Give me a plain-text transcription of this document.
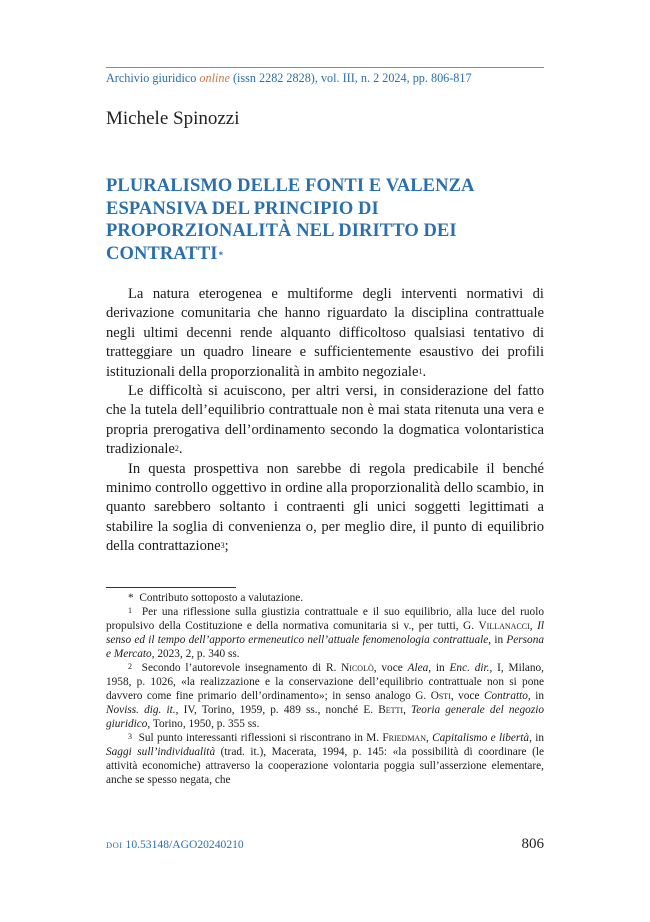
Archivio giuridico online (issn 2282 2828), vol. III, n. 2 2024, pp. 806-817
Michele Spinozzi
PLURALISMO DELLE FONTI E VALENZA
ESPANSIVA DEL PRINCIPIO DI
PROPORZIONALITÀ NEL DIRITTO DEI
CONTRATTI*

La natura eterogenea e multiforme degli interventi normativi di derivazione comunitaria che hanno riguardato la disciplina contrattuale negli ultimi decenni rende alquanto difficoltoso qualsiasi tentativo di tratteggiare un quadro lineare e sufficientemente esaustivo dei profili istituzionali della proporzionalità in ambito negoziale$^1$.

Le difficoltà si acuiscono, per altri versi, in considerazione del fatto che la tutela dell’equilibrio contrattuale non è mai stata ritenuta una vera e propria prerogativa dell’ordinamento secondo la dogmatica volontaristica tradizionale$^2$.

In questa prospettiva non sarebbe di regola predicabile il benché minimo controllo oggettivo in ordine alla proporzionalità dello scambio, in quanto sarebbero soltanto i contraenti gli unici soggetti legittimati a stabilire la soglia di convenienza o, per meglio dire, il punto di equilibrio della contrattazione$^3$;

* Contributo sottoposto a valutazione.

$^1$ Per una riflessione sulla giustizia contrattuale e il suo equilibrio, alla luce del ruolo propulsivo della Costituzione e della normativa comunitaria si v., per tutti, G. Villanacci, Il senso ed il tempo dell’apporto ermeneutico nell’attuale fenomenologia contrattuale, in Persona e Mercato, 2023, 2, p. 340 ss.

$^2$ Secondo l’autorevole insegnamento di R. Nicolò, voce Alea, in Enc. dir., I, Milano, 1958, p. 1026, «la realizzazione e la conservazione dell’equilibrio contrattuale non si pone davvero come fine primario dell’ordinamento»; in senso analogo G. Osti, voce Contratto, in Noviss. dig. it., IV, Torino, 1959, p. 489 ss., nonché E. Betti, Teoria generale del negozio giuridico, Torino, 1950, p. 355 ss.

$^3$ Sul punto interessanti riflessioni si riscontrano in M. Friedman, Capitalismo e libertà, in Saggi sull’individualità (trad. it.), Macerata, 1994, p. 145: «la possibilità di coordinare (le attività economiche) attraverso la cooperazione volontaria poggia sull’asserzione elementare, anche se spesso negata, che

DOI 10.53148/AGO20240210	806
